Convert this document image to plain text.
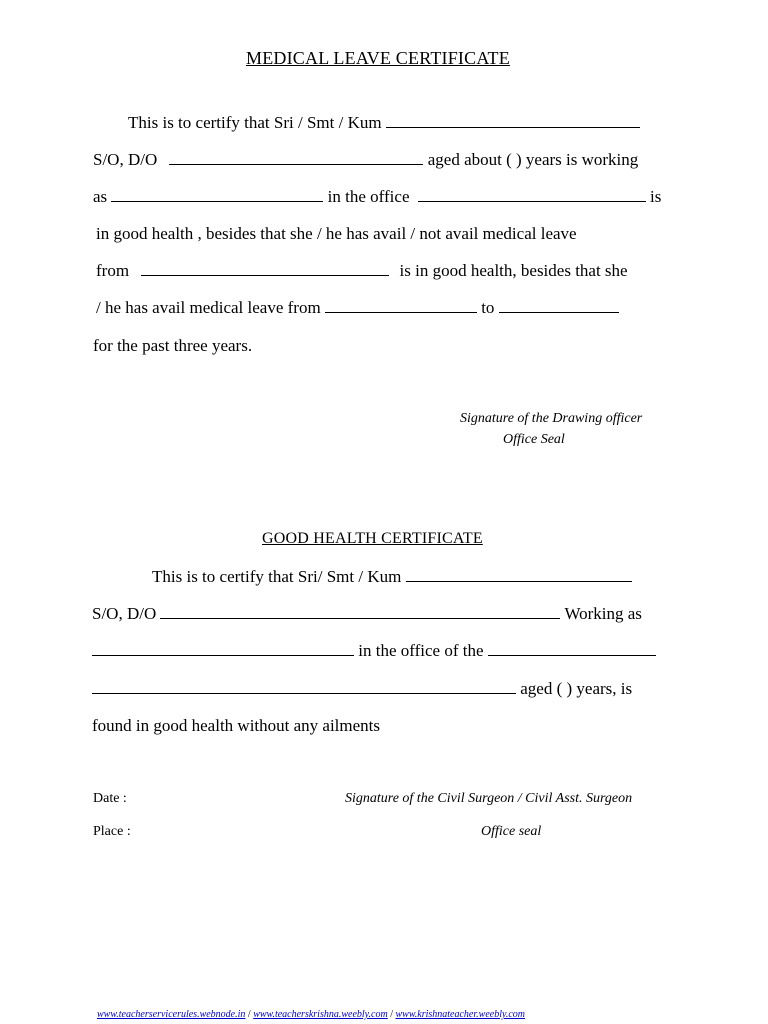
MEDICAL LEAVE CERTIFICATE
This is to certify that Sri / Smt / Kum
S/O, D/O	aged about ( ) years is working
as	in the office	is
in good health , besides that she / he has avail / not avail medical leave
from	is in good health, besides that she
/ he has avail medical leave from	to
for the past three years.
Signature of the Drawing officer
Office Seal
GOOD HEALTH CERTIFICATE
This is to certify that Sri/ Smt / Kum
S/O, D/O	Working as
in the office of the
aged ( ) years, is
found in good health without any ailments
Date :	Signature of the Civil Surgeon / Civil Asst. Surgeon
Place :	Office seal
www.teacherservicerules.webnode.in / www.teacherskrishna.weebly.com / www.krishnateacher.weebly.com
